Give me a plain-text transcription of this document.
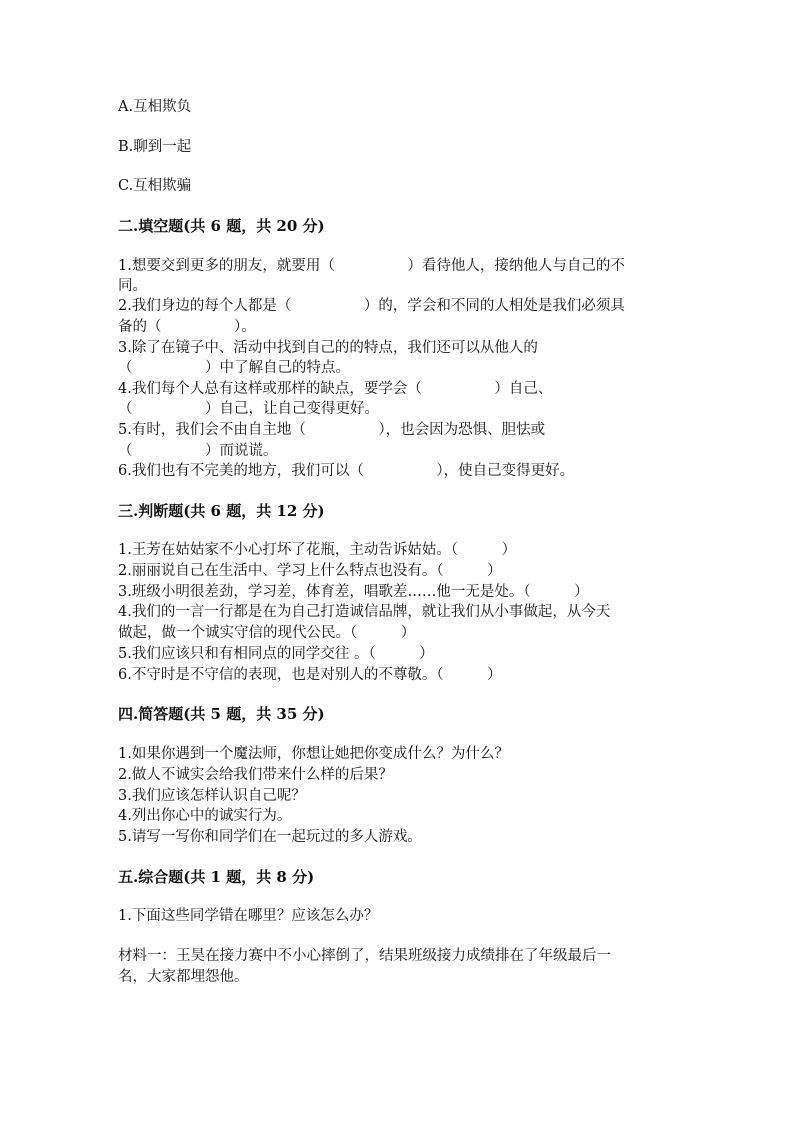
A.互相欺负
B.聊到一起
C.互相欺骗
二.填空题(共 6 题，共 20 分)
1.想要交到更多的朋友，就要用（　　　　　）看待他人，接纳他人与自己的不
同。
2.我们身边的每个人都是（　　　　　）的，学会和不同的人相处是我们必须具
备的（　　　　　）。
3.除了在镜子中、活动中找到自己的的特点，我们还可以从他人的
（　　　　　）中了解自己的特点。
4.我们每个人总有这样或那样的缺点，要学会（　　　　　）自己、
（　　　　　）自己，让自己变得更好。
5.有时，我们会不由自主地（　　　　　），也会因为恐惧、胆怯或
（　　　　　）而说谎。
6.我们也有不完美的地方，我们可以（　　　　　），使自己变得更好。
三.判断题(共 6 题，共 12 分)
1.王芳在姑姑家不小心打坏了花瓶，主动告诉姑姑。（　　　）
2.丽丽说自己在生活中、学习上什么特点也没有。（　　　）
3.班级小明很差劲，学习差，体育差，唱歌差……他一无是处。（　　　）
4.我们的一言一行都是在为自己打造诚信品牌，就让我们从小事做起，从今天
做起，做一个诚实守信的现代公民。（　　　）
5.我们应该只和有相同点的同学交往 。（　　　）
6.不守时是不守信的表现，也是对别人的不尊敬。（　　　）
四.简答题(共 5 题，共 35 分)
1.如果你遇到一个魔法师，你想让她把你变成什么？为什么？
2.做人不诚实会给我们带来什么样的后果？
3.我们应该怎样认识自己呢？
4.列出你心中的诚实行为。
5.请写一写你和同学们在一起玩过的多人游戏。
五.综合题(共 1 题，共 8 分)
1.下面这些同学错在哪里？应该怎么办？
材料一：王昊在接力赛中不小心摔倒了，结果班级接力成绩排在了年级最后一
名，大家都埋怨他。
